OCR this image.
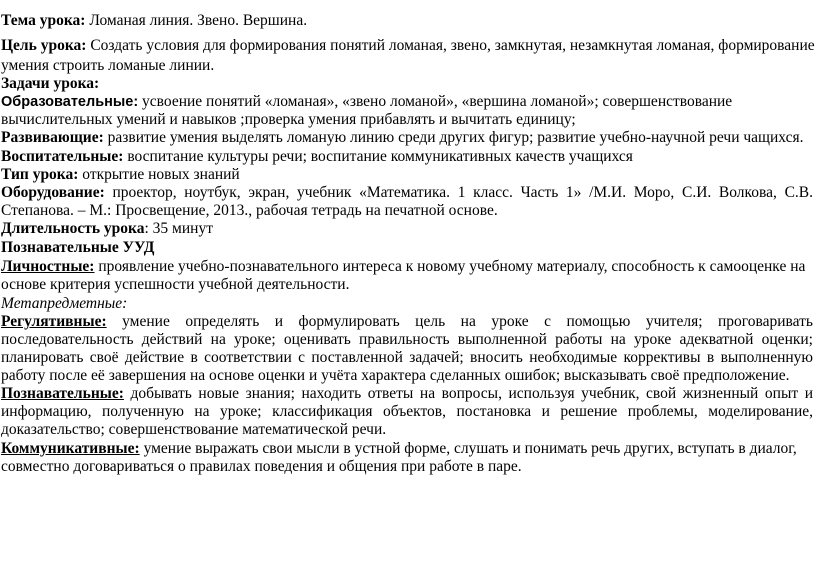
Тема урока: Ломаная линия. Звено. Вершина.
Цель урока: Создать условия для формирования понятий ломаная, звено, замкнутая, незамкнутая ломаная, формирование
умения строить ломаные линии.
Задачи урока:
Образовательные: усвоение понятий «ломаная», «звено ломаной», «вершина ломаной»; совершенствование
вычислительных умений и навыков ;проверка умения прибавлять и вычитать единицу;
Развивающие: развитие умения выделять ломаную линию среди других фигур; развитие учебно-научной речи чащихся.
Воспитательные: воспитание культуры речи; воспитание коммуникативных качеств учащихся
Тип урока: открытие новых знаний
Оборудование: проектор, ноутбук, экран, учебник «Математика. 1 класс. Часть 1» /М.И. Моро, С.И. Волкова, С.В.
Степанова. – М.: Просвещение, 2013., рабочая тетрадь на печатной основе.
Длительность урока: 35 минут
Познавательные УУД
Личностные: проявление учебно-познавательного интереса к новому учебному материалу, способность к самооценке на
основе критерия успешности учебной деятельности.
Метапредметные:
Регулятивные: умение определять и формулировать цель на уроке с помощью учителя; проговаривать
последовательность действий на уроке; оценивать правильность выполненной работы на уроке адекватной оценки;
планировать своё действие в соответствии с поставленной задачей; вносить необходимые коррективы в выполненную
работу после её завершения на основе оценки и учёта характера сделанных ошибок; высказывать своё предположение.
Познавательные: добывать новые знания; находить ответы на вопросы, используя учебник, свой жизненный опыт и
информацию, полученную на уроке; классификация объектов, постановка и решение проблемы, моделирование,
доказательство; совершенствование математической речи.
Коммуникативные: умение выражать свои мысли в устной форме, слушать и понимать речь других, вступать в диалог,
совместно договариваться о правилах поведения и общения при работе в паре.
